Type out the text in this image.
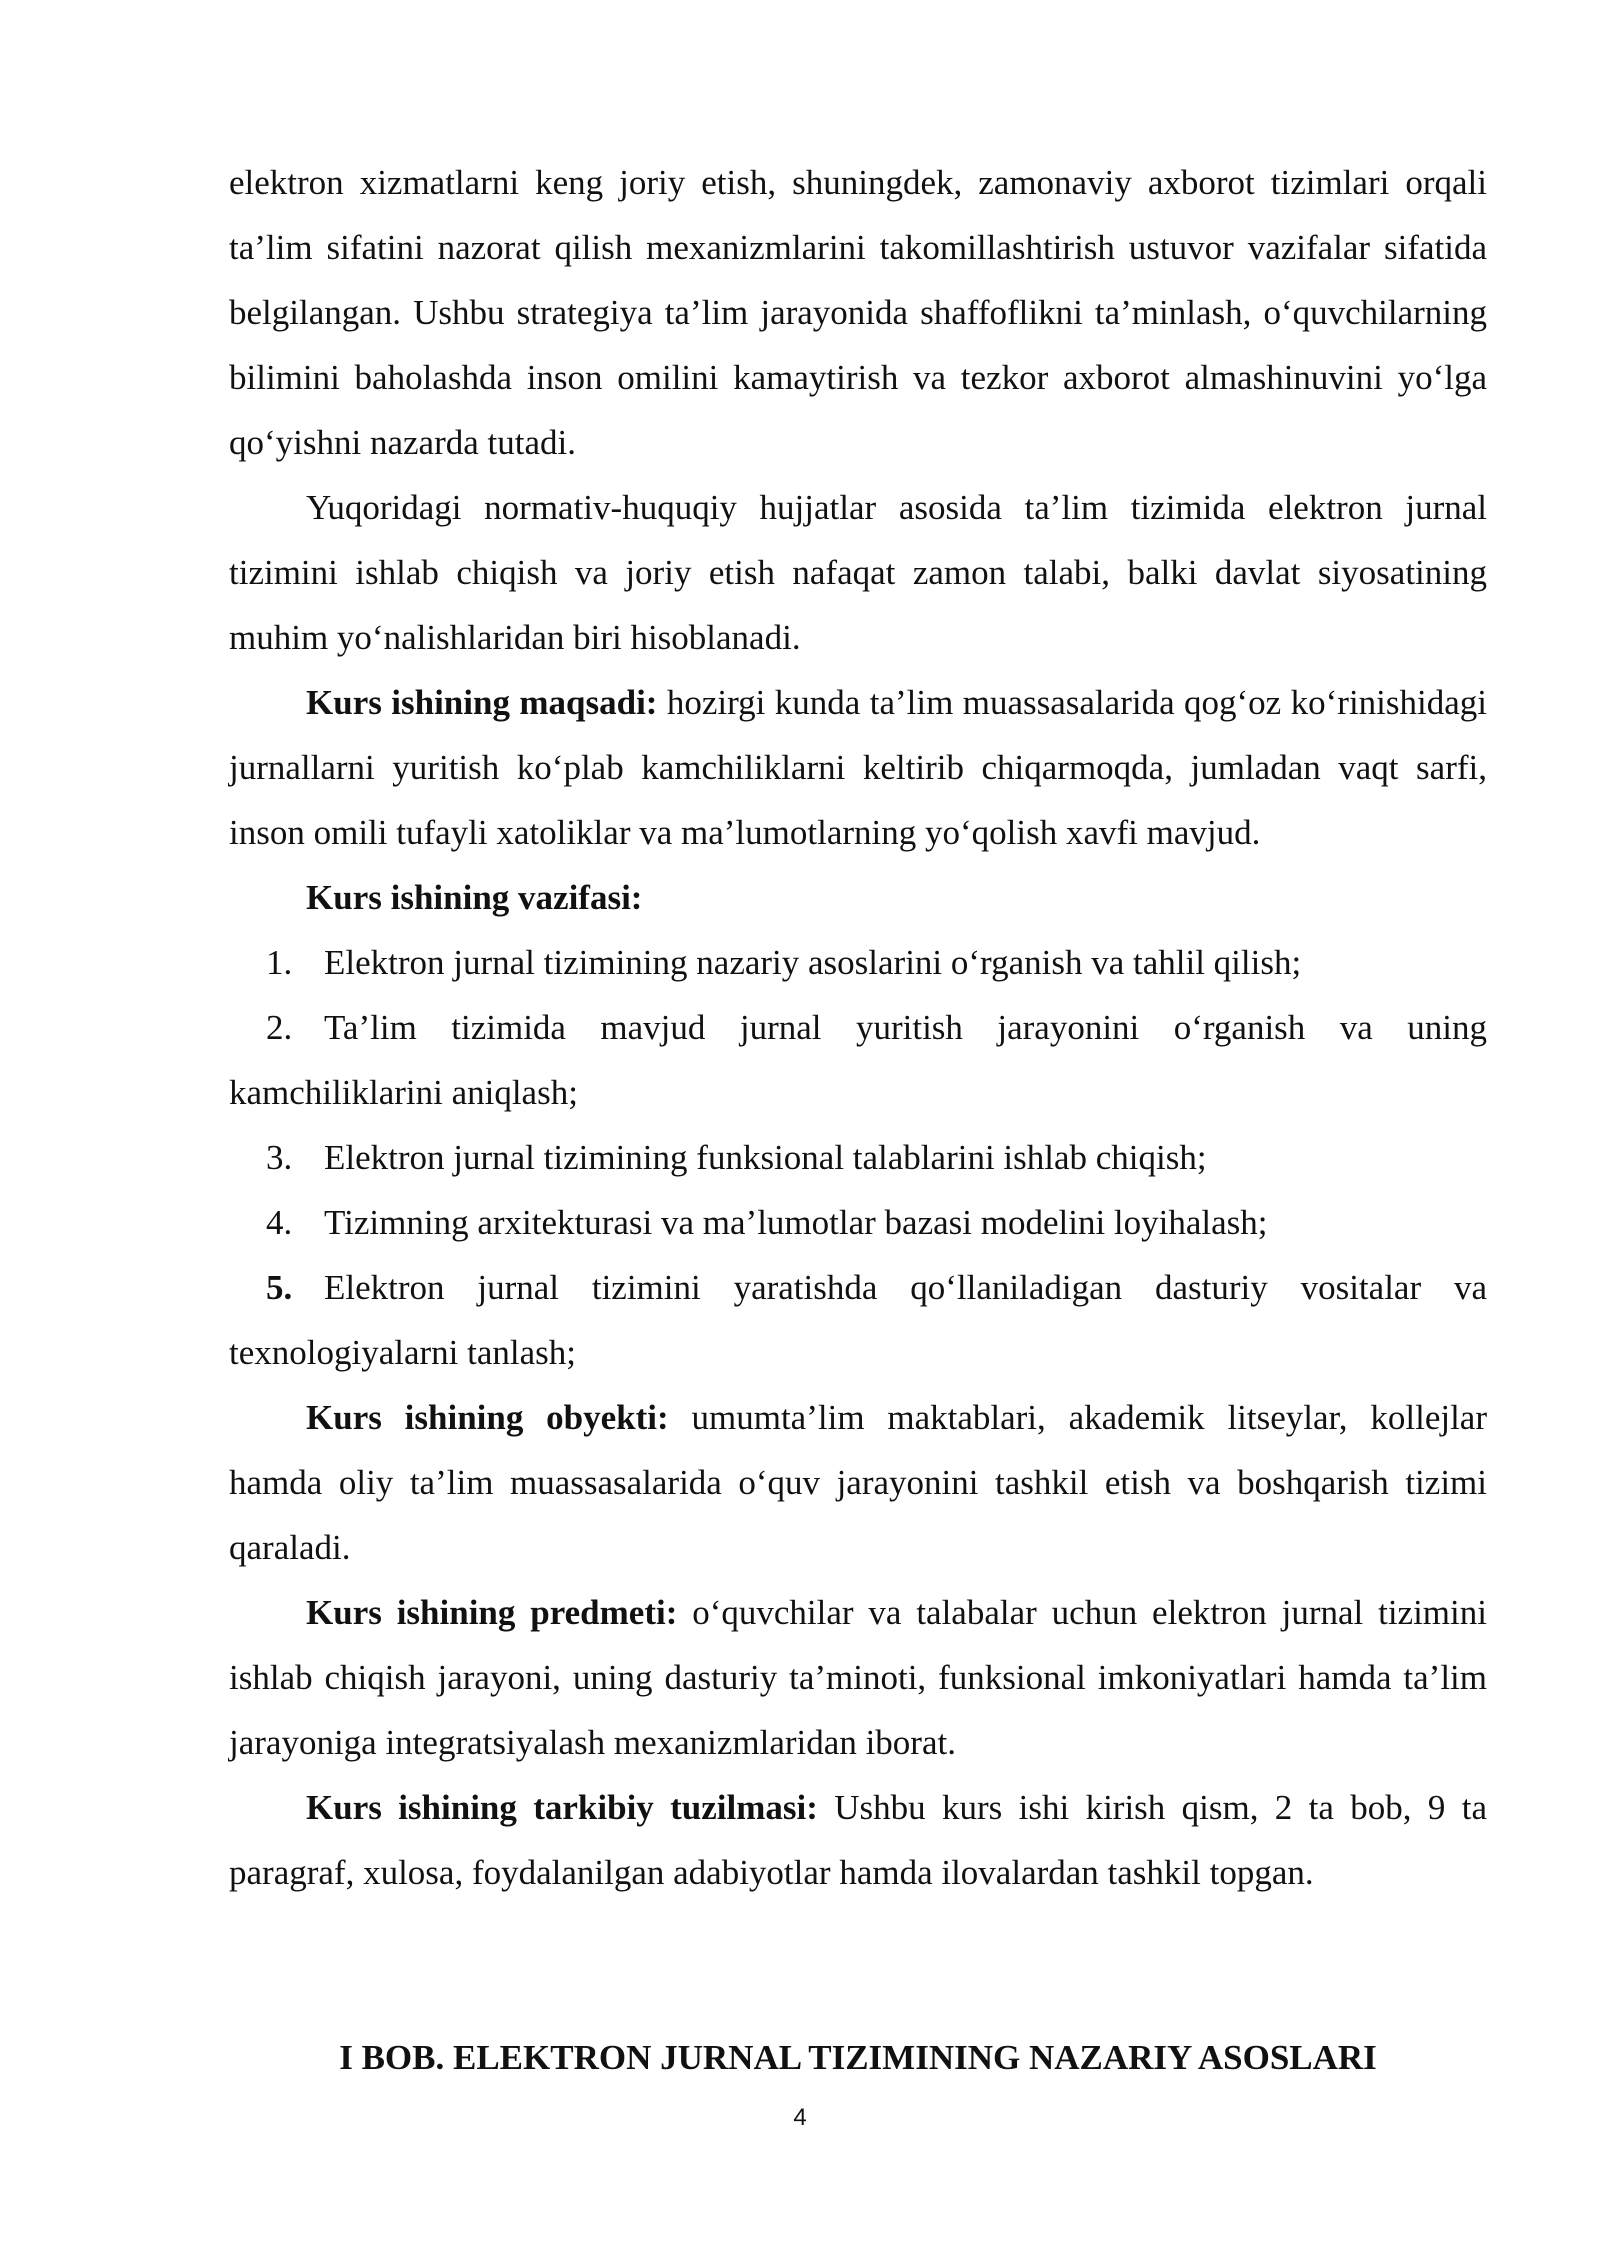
elektron xizmatlarni keng joriy etish, shuningdek, zamonaviy axborot tizimlari orqali ta’lim sifatini nazorat qilish mexanizmlarini takomillashtirish ustuvor vazifalar sifatida belgilangan. Ushbu strategiya ta’lim jarayonida shaffoflikni ta’minlash, o‘quvchilarning bilimini baholashda inson omilini kamaytirish va tezkor axborot almashinuvini yo‘lga qo‘yishni nazarda tutadi.

Yuqoridagi normativ-huquqiy hujjatlar asosida ta’lim tizimida elektron jurnal tizimini ishlab chiqish va joriy etish nafaqat zamon talabi, balki davlat siyosatining muhim yo‘nalishlaridan biri hisoblanadi.

Kurs ishining maqsadi: hozirgi kunda ta’lim muassasalarida qog‘oz ko‘rinishidagi jurnallarni yuritish ko‘plab kamchiliklarni keltirib chiqarmoqda, jumladan vaqt sarfi, inson omili tufayli xatoliklar va ma’lumotlarning yo‘qolish xavfi mavjud.

Kurs ishining vazifasi:

1. Elektron jurnal tizimining nazariy asoslarini o‘rganish va tahlil qilish;

2. Ta’lim tizimida mavjud jurnal yuritish jarayonini o‘rganish va uning kamchiliklarini aniqlash;

3. Elektron jurnal tizimining funksional talablarini ishlab chiqish;

4. Tizimning arxitekturasi va ma’lumotlar bazasi modelini loyihalash;

5. Elektron jurnal tizimini yaratishda qo‘llaniladigan dasturiy vositalar va texnologiyalarni tanlash;

Kurs ishining obyekti: umumta’lim maktablari, akademik litseylar, kollejlar hamda oliy ta’lim muassasalarida o‘quv jarayonini tashkil etish va boshqarish tizimi qaraladi.

Kurs ishining predmeti: o‘quvchilar va talabalar uchun elektron jurnal tizimini ishlab chiqish jarayoni, uning dasturiy ta’minoti, funksional imkoniyatlari hamda ta’lim jarayoniga integratsiyalash mexanizmlaridan iborat.

Kurs ishining tarkibiy tuzilmasi: Ushbu kurs ishi kirish qism, 2 ta bob, 9 ta paragraf, xulosa, foydalanilgan adabiyotlar hamda ilovalardan tashkil topgan.

I BOB. ELEKTRON JURNAL TIZIMINING NAZARIY ASOSLARI
4
